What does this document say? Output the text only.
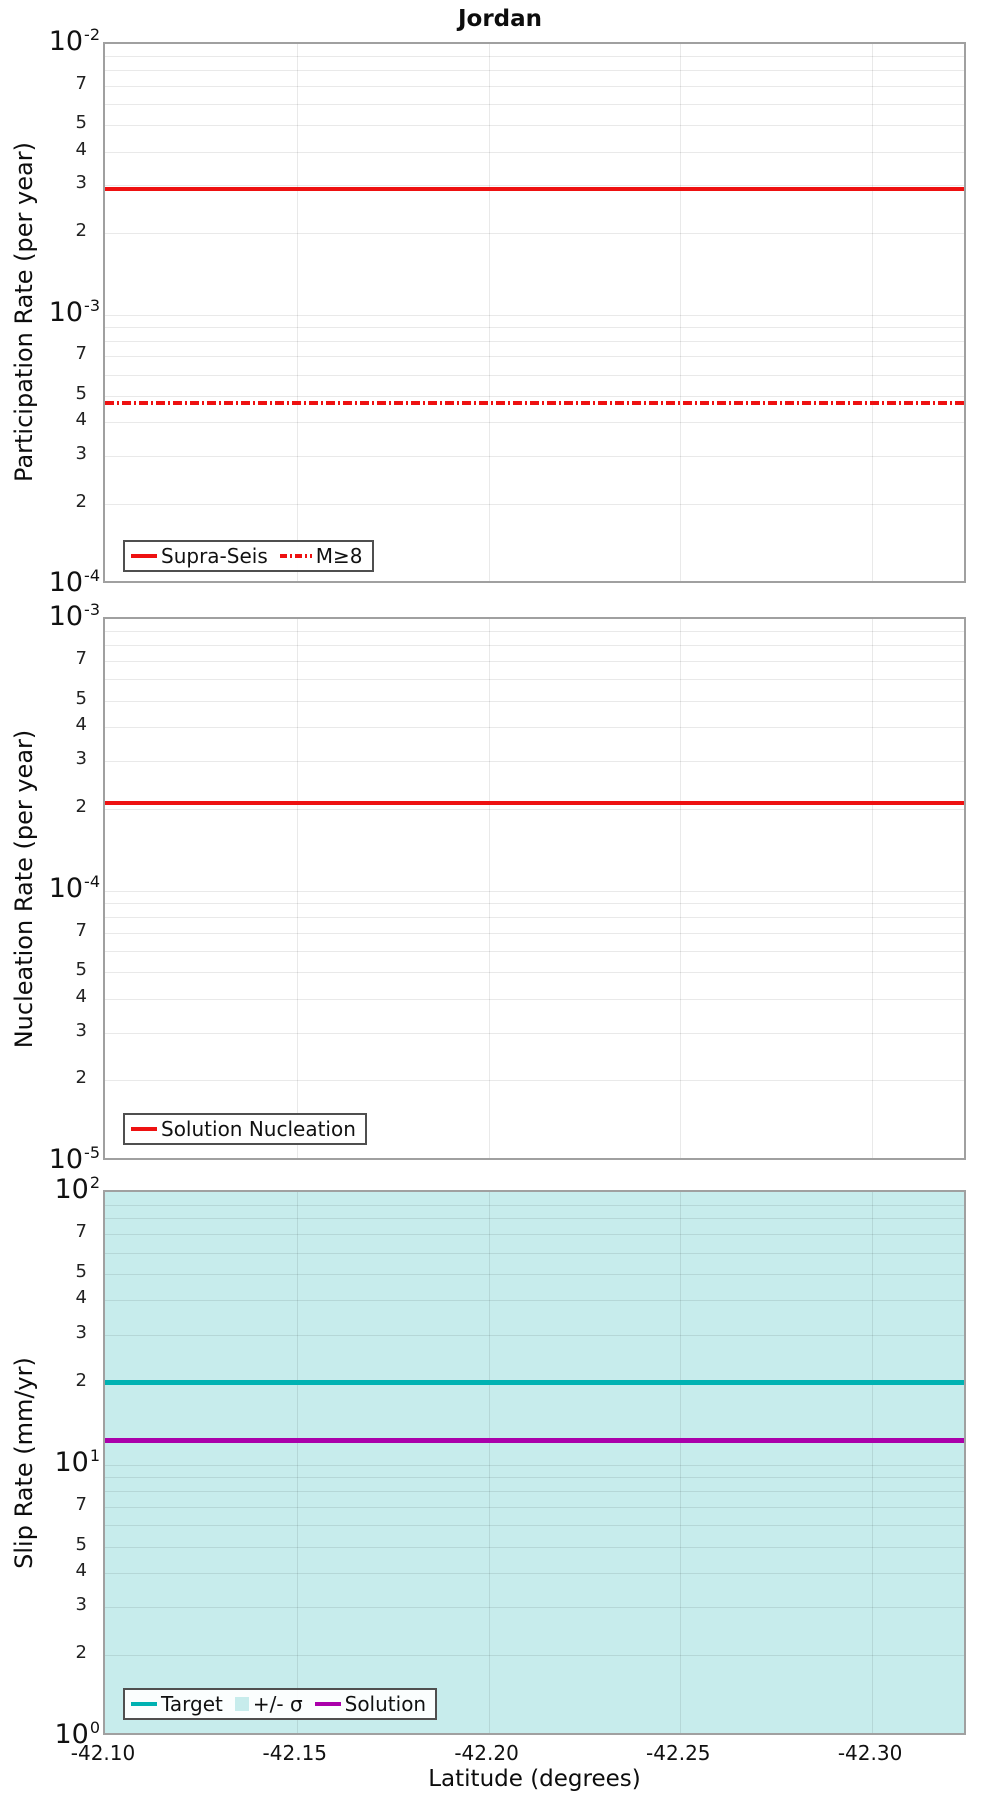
Jordan
Participation Rate (per year)
Nucleation Rate (per year)
Slip Rate (mm/yr)
Latitude (degrees)
$10^{-2}$
7
5
4
3
2
$10^{-3}$
7
5
4
3
2
$10^{-4}$
Supra-Seis M≥8
$10^{-3}$
7
5
4
3
2
$10^{-4}$
7
5
4
3
2
$10^{-5}$
Solution Nucleation
$10^2$
7
5
4
3
2
$10^1$
7
5
4
3
2
$10^0$
Target +/- σ Solution
-42.10	-42.15	-42.20	-42.25	-42.30
